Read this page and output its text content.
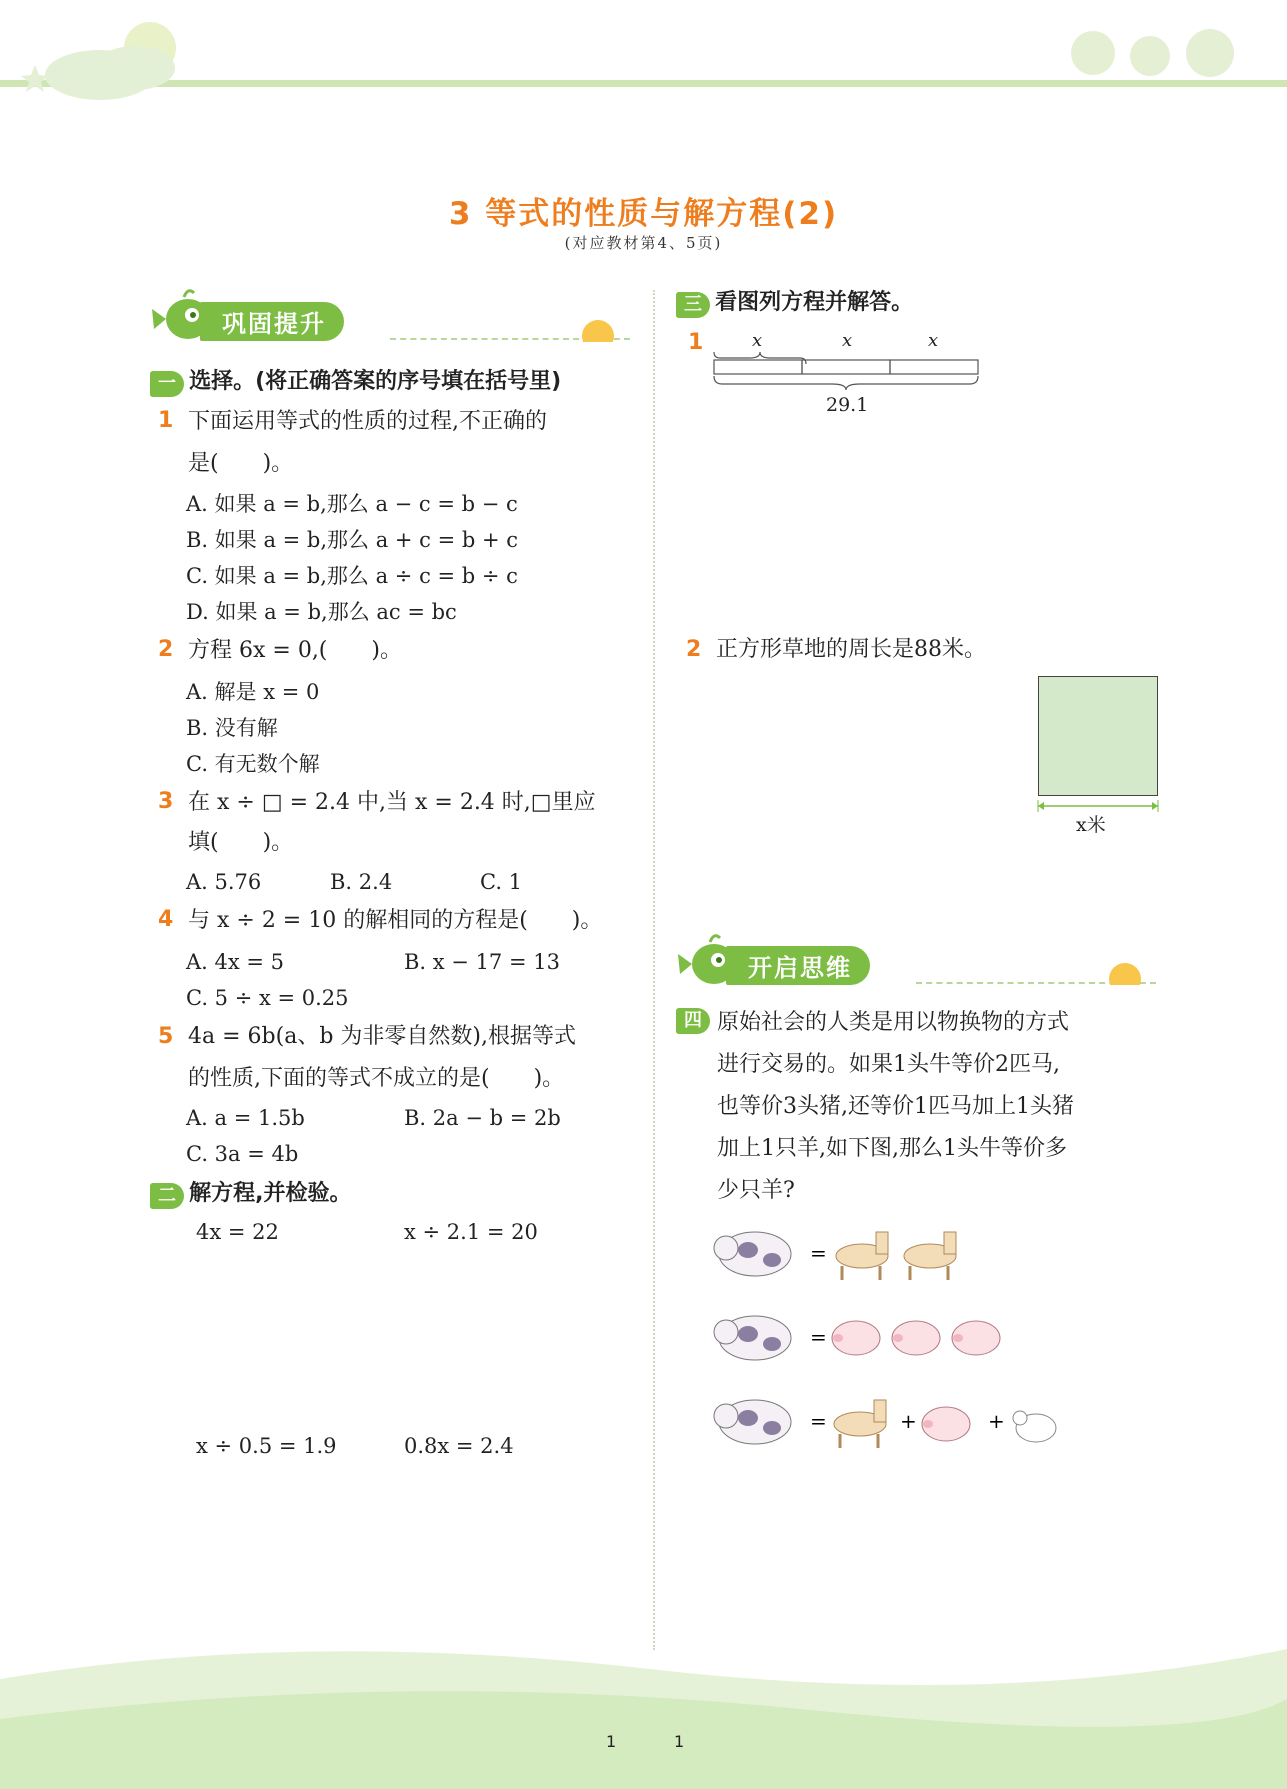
3 等式的性质与解方程(2)
(对应教材第4、5页)
巩固提升
一 选择。(将正确答案的序号填在括号里)
1 下面运用等式的性质的过程,不正确的
是(　　)。
A. 如果 a = b,那么 a − c = b − c
B. 如果 a = b,那么 a + c = b + c
C. 如果 a = b,那么 a ÷ c = b ÷ c
D. 如果 a = b,那么 ac = bc
2 方程 6x = 0,(　　)。
A. 解是 x = 0
B. 没有解
C. 有无数个解
3 在 x ÷ □ = 2.4 中,当 x = 2.4 时,□里应
填(　　)。
A. 5.76	B. 2.4	C. 1
4 与 x ÷ 2 = 10 的解相同的方程是(　　)。
A. 4x = 5	B. x − 17 = 13
C. 5 ÷ x = 0.25
5 4a = 6b(a、b 为非零自然数),根据等式
的性质,下面的等式不成立的是(　　)。
A. a = 1.5b	B. 2a − b = 2b
C. 3a = 4b
二 解方程,并检验。
4x = 22	x ÷ 2.1 = 20
x ÷ 0.5 = 1.9	0.8x = 2.4
三 看图列方程并解答。
1	x	x	x
29.1
2 正方形草地的周长是88米。
x米
开启思维
四 原始社会的人类是用以物换物的方式
进行交易的。如果1头牛等价2匹马,
也等价3头猪,还等价1匹马加上1头猪
加上1只羊,如下图,那么1头牛等价多
少只羊?
=
=
=	+	+
1	1
